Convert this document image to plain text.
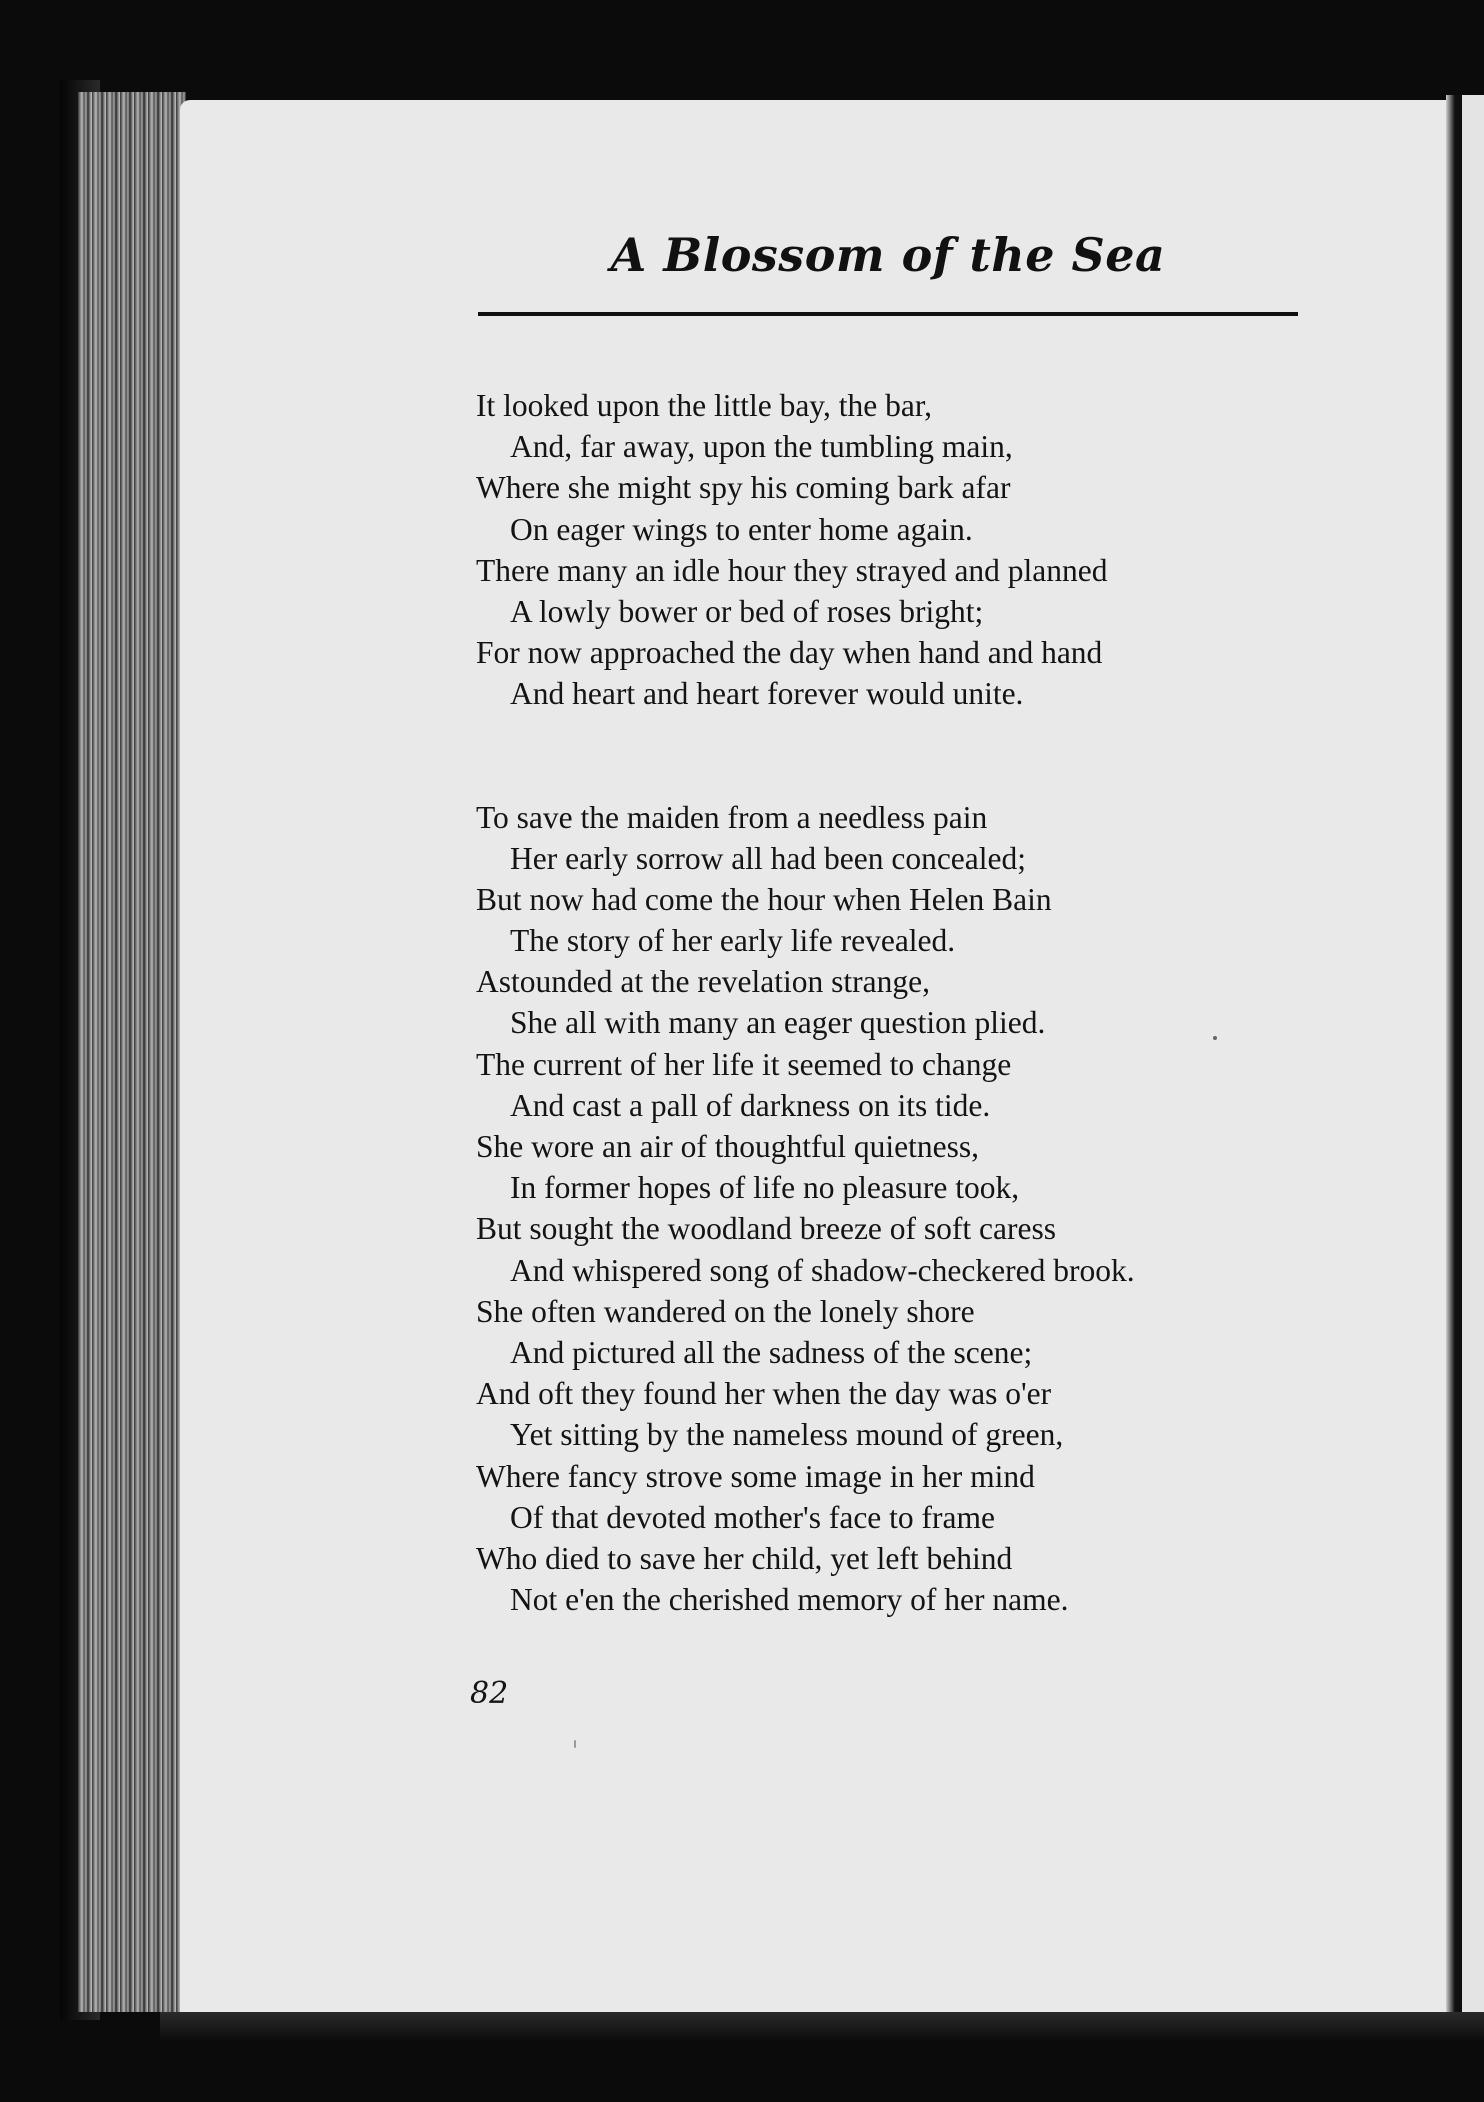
A Blossom of the Sea
It looked upon the little bay, the bar,
And, far away, upon the tumbling main,
Where she might spy his coming bark afar
On eager wings to enter home again.
There many an idle hour they strayed and planned
A lowly bower or bed of roses bright;
For now approached the day when hand and hand
And heart and heart forever would unite.
To save the maiden from a needless pain
Her early sorrow all had been concealed;
But now had come the hour when Helen Bain
The story of her early life revealed.
Astounded at the revelation strange,
She all with many an eager question plied.
The current of her life it seemed to change
And cast a pall of darkness on its tide.
She wore an air of thoughtful quietness,
In former hopes of life no pleasure took,
But sought the woodland breeze of soft caress
And whispered song of shadow-checkered brook.
She often wandered on the lonely shore
And pictured all the sadness of the scene;
And oft they found her when the day was o'er
Yet sitting by the nameless mound of green,
Where fancy strove some image in her mind
Of that devoted mother's face to frame
Who died to save her child, yet left behind
Not e'en the cherished memory of her name.
82
